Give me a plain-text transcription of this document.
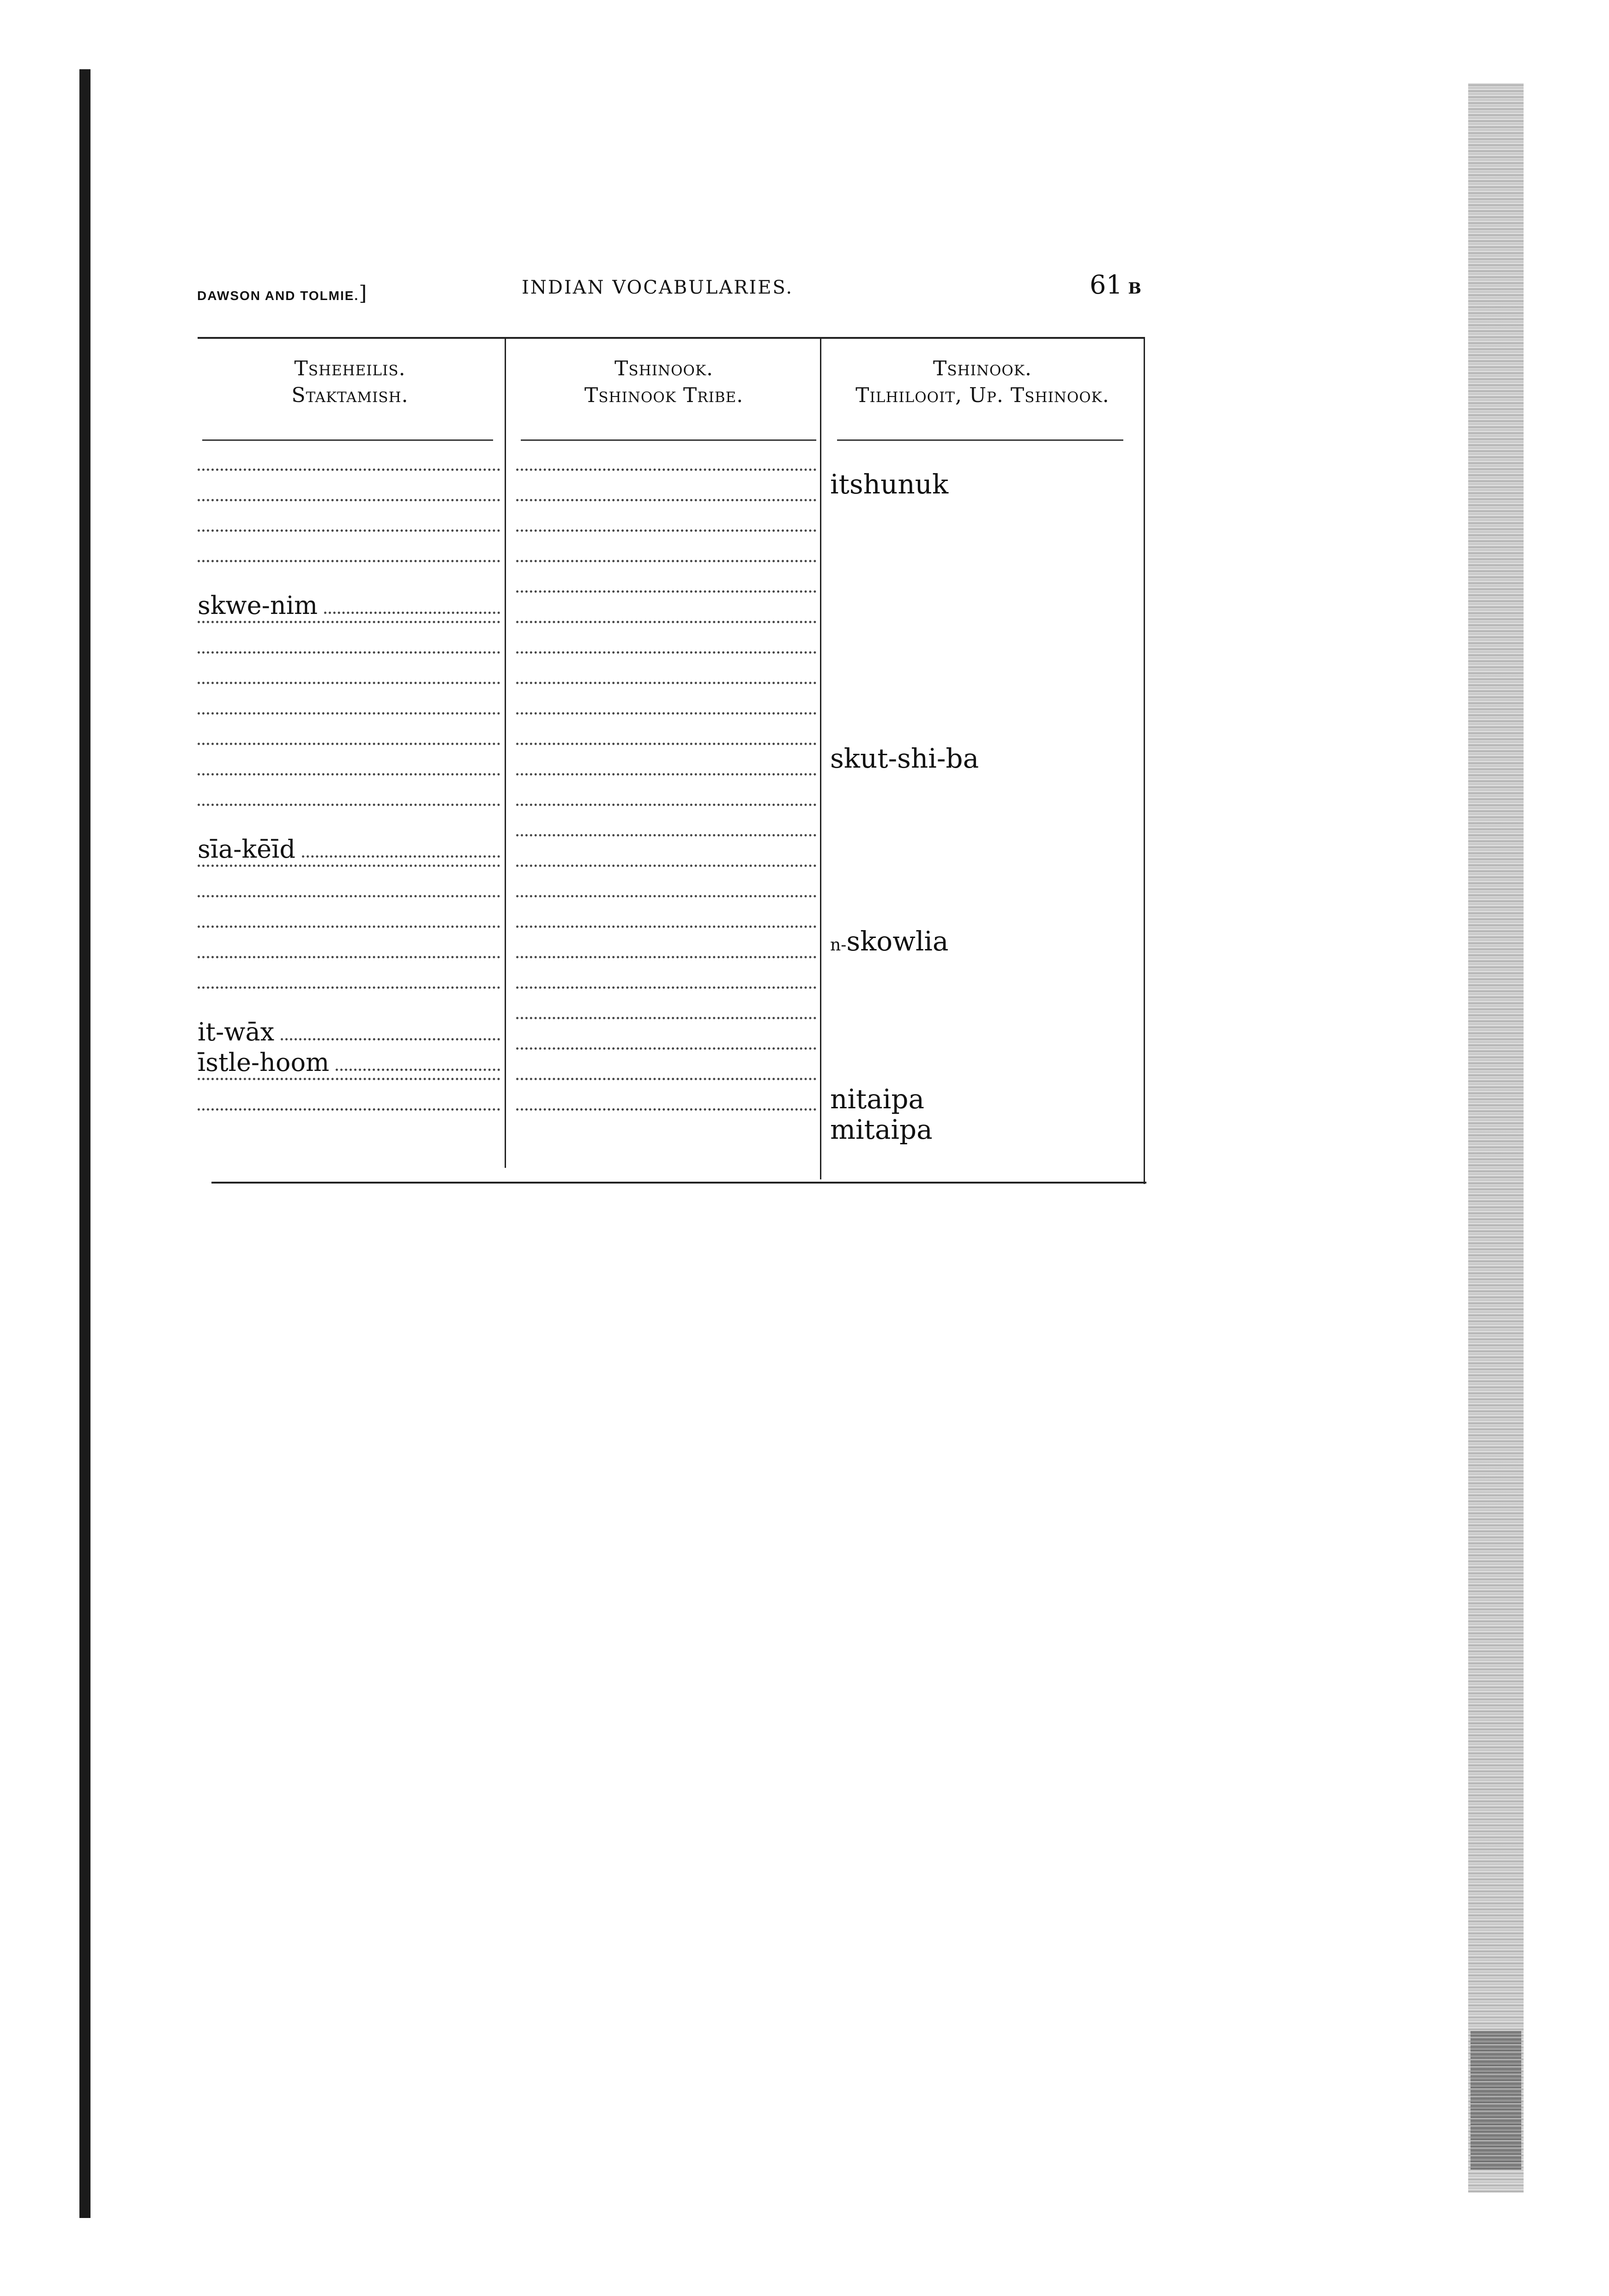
DAWSON AND TOLMIE.]	INDIAN VOCABULARIES.	61 B
Tsheheilis.
Staktamish.
Tshinook.
Tshinook Tribe.
Tshinook.
Tilhilooit, Up. Tshinook.
skwe-nim
sīa-kēīd
it-wāx
īstle-hoom
itshunuk
skut-shi-ba
n-skowlia
nitaipa
mitaipa
